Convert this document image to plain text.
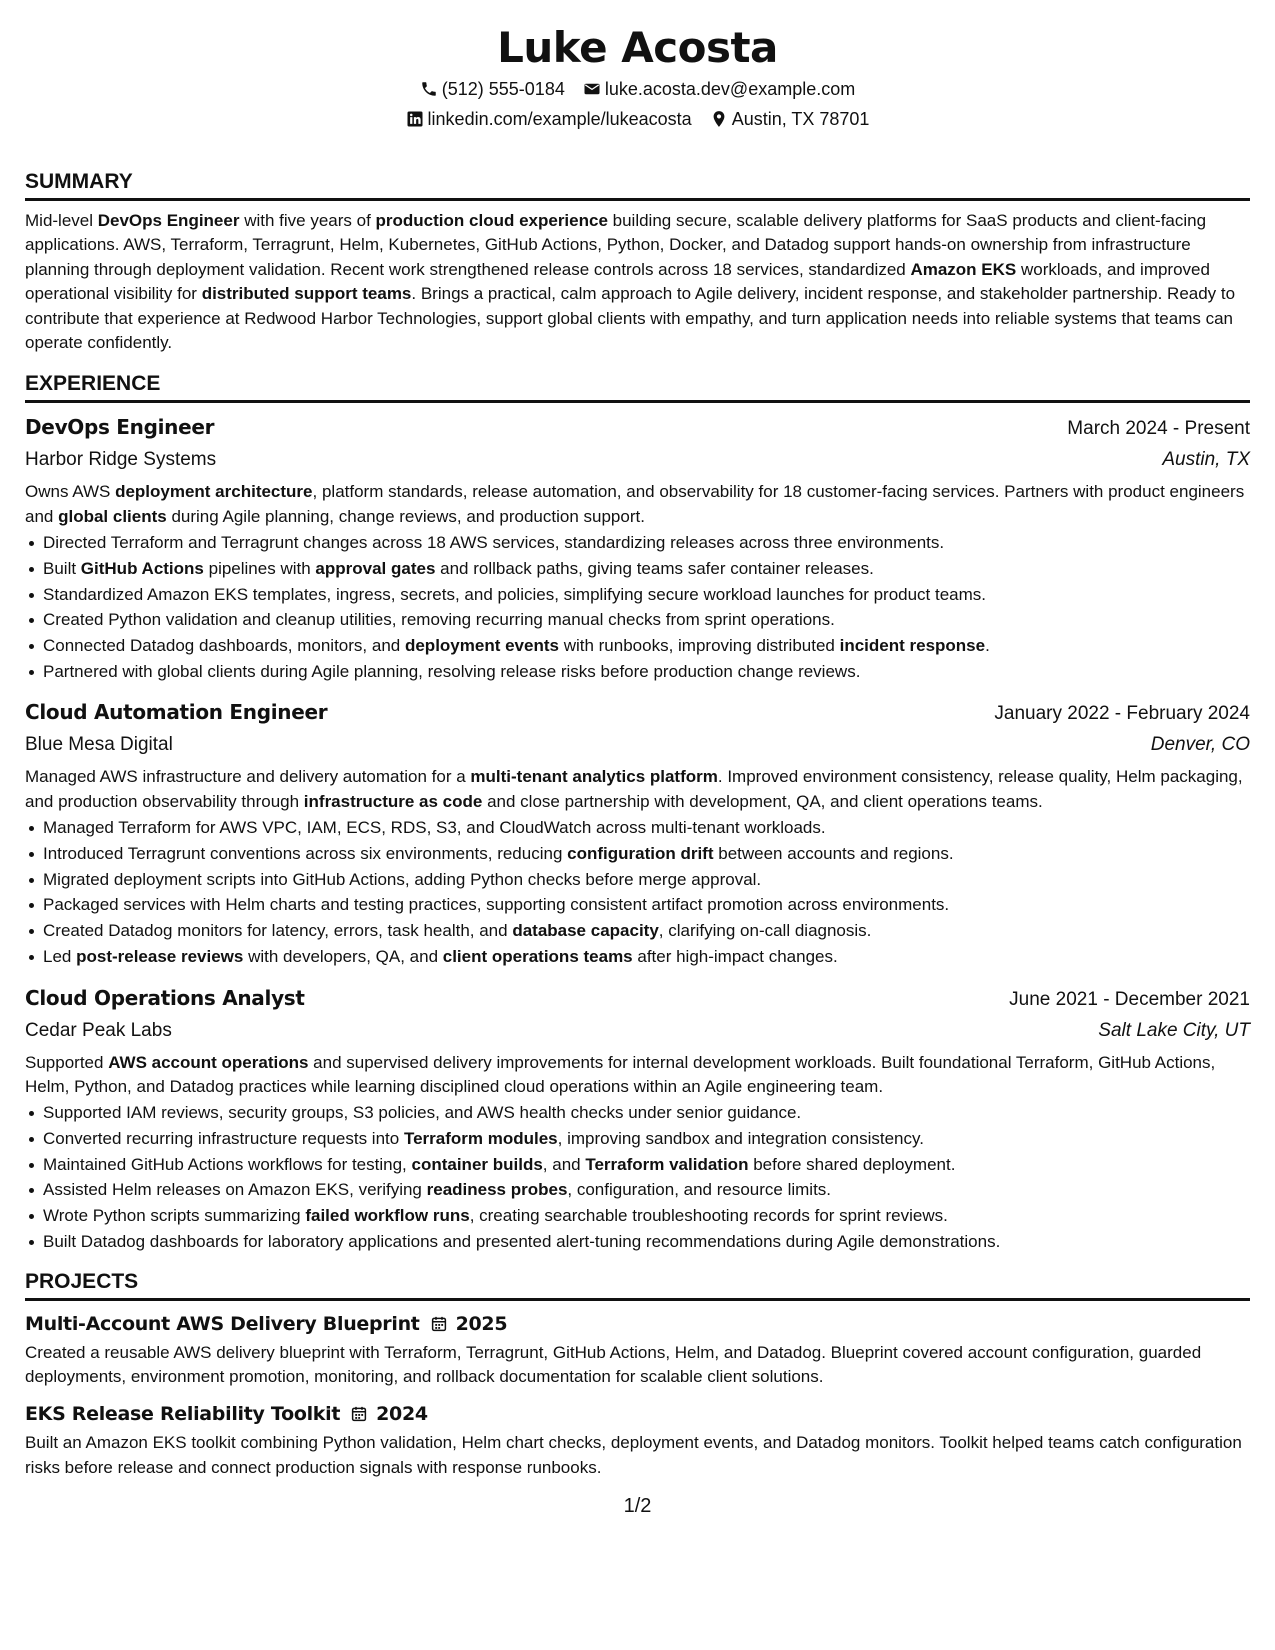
Luke Acosta
(512) 555-0184 luke.acosta.dev@example.com
linkedin.com/example/lukeacosta Austin, TX 78701
SUMMARY

Mid-level DevOps Engineer with five years of production cloud experience building secure, scalable delivery platforms for SaaS products and client-facing applications. AWS, Terraform, Terragrunt, Helm, Kubernetes, GitHub Actions, Python, Docker, and Datadog support hands-on ownership from infrastructure planning through deployment validation. Recent work strengthened release controls across 18 services, standardized Amazon EKS workloads, and improved operational visibility for distributed support teams. Brings a practical, calm approach to Agile delivery, incident response, and stakeholder partnership. Ready to contribute that experience at Redwood Harbor Technologies, support global clients with empathy, and turn application needs into reliable systems that teams can operate confidently.

EXPERIENCE
DevOps Engineer	March 2024 - Present
Harbor Ridge Systems	Austin, TX

Owns AWS deployment architecture, platform standards, release automation, and observability for 18 customer-facing services. Partners with product engineers and global clients during Agile planning, change reviews, and production support.

Directed Terraform and Terragrunt changes across 18 AWS services, standardizing releases across three environments.
Built GitHub Actions pipelines with approval gates and rollback paths, giving teams safer container releases.
Standardized Amazon EKS templates, ingress, secrets, and policies, simplifying secure workload launches for product teams.
Created Python validation and cleanup utilities, removing recurring manual checks from sprint operations.
Connected Datadog dashboards, monitors, and deployment events with runbooks, improving distributed incident response.
Partnered with global clients during Agile planning, resolving release risks before production change reviews.
Cloud Automation Engineer	January 2022 - February 2024
Blue Mesa Digital	Denver, CO

Managed AWS infrastructure and delivery automation for a multi-tenant analytics platform. Improved environment consistency, release quality, Helm packaging, and production observability through infrastructure as code and close partnership with development, QA, and client operations teams.

Managed Terraform for AWS VPC, IAM, ECS, RDS, S3, and CloudWatch across multi-tenant workloads.
Introduced Terragrunt conventions across six environments, reducing configuration drift between accounts and regions.
Migrated deployment scripts into GitHub Actions, adding Python checks before merge approval.
Packaged services with Helm charts and testing practices, supporting consistent artifact promotion across environments.
Created Datadog monitors for latency, errors, task health, and database capacity, clarifying on-call diagnosis.
Led post-release reviews with developers, QA, and client operations teams after high-impact changes.
Cloud Operations Analyst	June 2021 - December 2021
Cedar Peak Labs	Salt Lake City, UT

Supported AWS account operations and supervised delivery improvements for internal development workloads. Built foundational Terraform, GitHub Actions, Helm, Python, and Datadog practices while learning disciplined cloud operations within an Agile engineering team.

Supported IAM reviews, security groups, S3 policies, and AWS health checks under senior guidance.
Converted recurring infrastructure requests into Terraform modules, improving sandbox and integration consistency.
Maintained GitHub Actions workflows for testing, container builds, and Terraform validation before shared deployment.
Assisted Helm releases on Amazon EKS, verifying readiness probes, configuration, and resource limits.
Wrote Python scripts summarizing failed workflow runs, creating searchable troubleshooting records for sprint reviews.
Built Datadog dashboards for laboratory applications and presented alert-tuning recommendations during Agile demonstrations.
PROJECTS
Multi-Account AWS Delivery Blueprint 2025

Created a reusable AWS delivery blueprint with Terraform, Terragrunt, GitHub Actions, Helm, and Datadog. Blueprint covered account configuration, guarded deployments, environment promotion, monitoring, and rollback documentation for scalable client solutions.

EKS Release Reliability Toolkit 2024

Built an Amazon EKS toolkit combining Python validation, Helm chart checks, deployment events, and Datadog monitors. Toolkit helped teams catch configuration risks before release and connect production signals with response runbooks.

1/2
